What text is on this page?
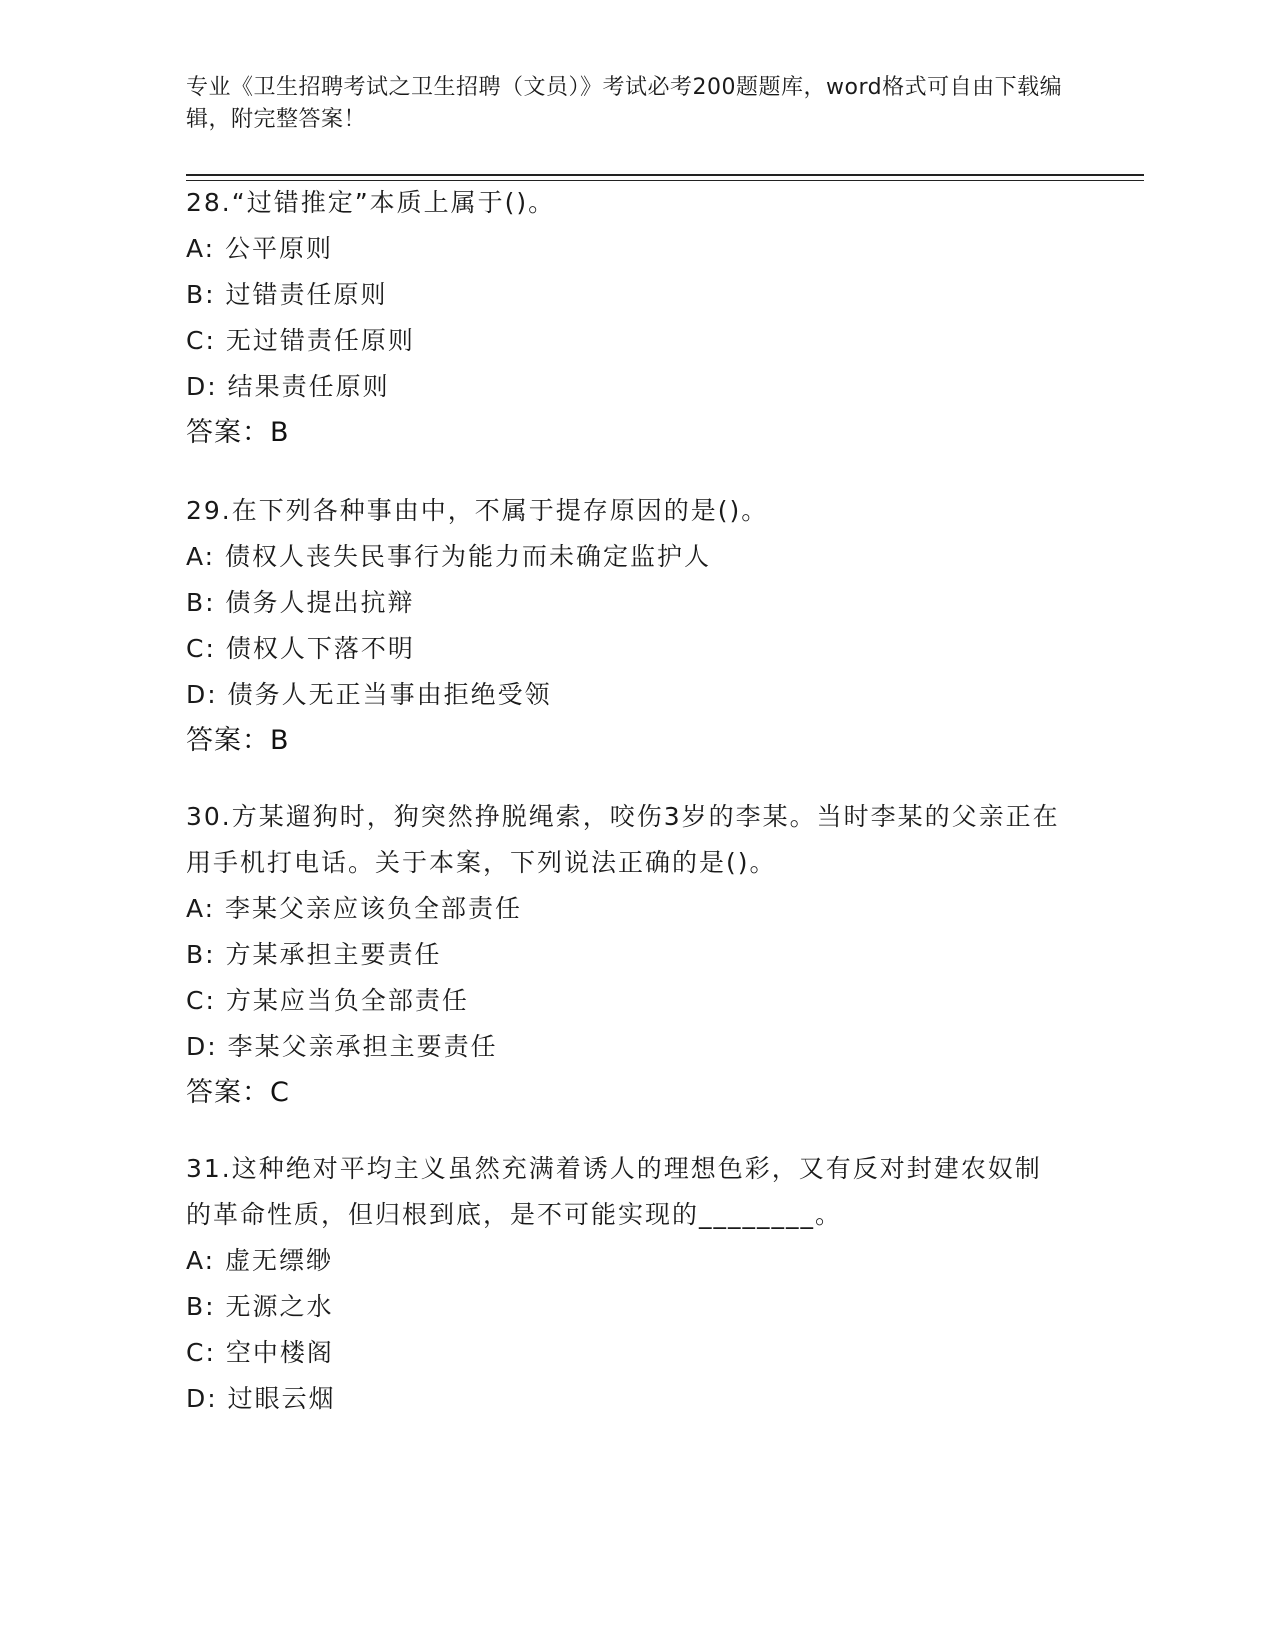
专业《卫生招聘考试之卫生招聘（文员）》考试必考200题题库，word格式可自由下载编辑，附完整答案！

28.“过错推定”本质上属于()。

A: 公平原则

B: 过错责任原则

C: 无过错责任原则

D: 结果责任原则

答案：B

29.在下列各种事由中，不属于提存原因的是()。

A: 债权人丧失民事行为能力而未确定监护人

B: 债务人提出抗辩

C: 债权人下落不明

D: 债务人无正当事由拒绝受领

答案：B

30.方某遛狗时，狗突然挣脱绳索，咬伤3岁的李某。当时李某的父亲正在用手机打电话。关于本案，下列说法正确的是()。

A: 李某父亲应该负全部责任

B: 方某承担主要责任

C: 方某应当负全部责任

D: 李某父亲承担主要责任

答案：C

31.这种绝对平均主义虽然充满着诱人的理想色彩，又有反对封建农奴制的革命性质，但归根到底，是不可能实现的________。

A: 虚无缥缈

B: 无源之水

C: 空中楼阁

D: 过眼云烟
